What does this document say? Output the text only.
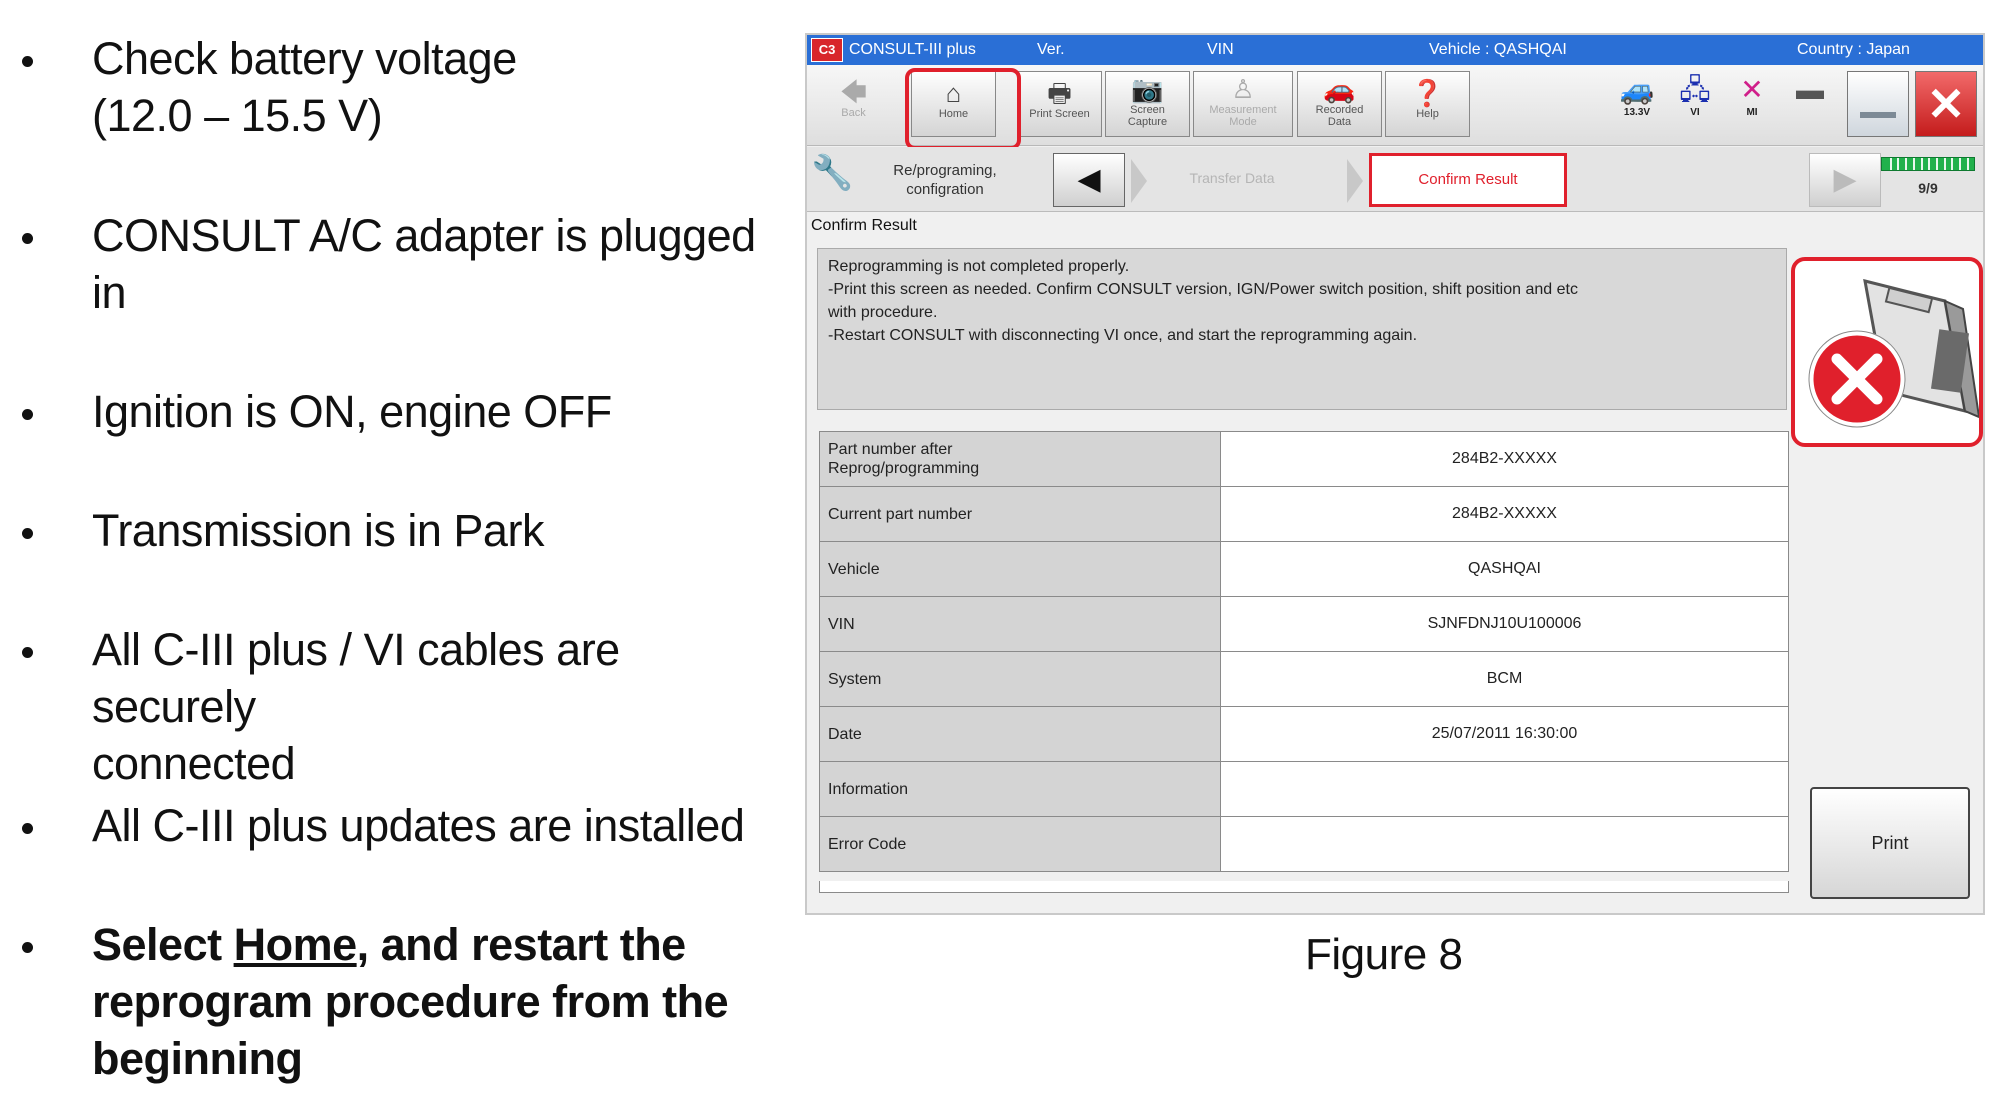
Check battery voltage
(12.0 – 15.5 V)
CONSULT A/C adapter is plugged
in
Ignition is ON, engine OFF
Transmission is in Park
All C-III plus / VI cables are securely
connected
All C-III plus updates are installed
Select Home, and restart the
reprogram procedure from the
beginning
C3 CONSULT-III plus	Ver.	VIN	Vehicle : QASHQAI	Country : Japan
🡄
Back
⌂
Home
🖶
Print Screen
📷
Screen
Capture
♙
Measurement
Mode
🚗
Recorded
Data
❓
Help
🚙
13.3V
🖧
VI
✕
MI
▬ ✕
🔧	Re/programing,
configration	◀	Transfer Data	Confirm Result	▶	9/9
Confirm Result
Reprogramming is not completed properly.
-Print this screen as needed. Confirm CONSULT version, IGN/Power switch position, shift position and etc
with procedure.
-Restart CONSULT with disconnecting VI once, and start the reprogramming again.
Part number after
Reprog/programming	284B2-XXXXX
Current part number	284B2-XXXXX
Vehicle	QASHQAI
VIN	SJNFDNJ10U100006
System	BCM
Date	25/07/2011 16:30:00
Information	
Error Code		Print
Figure 8
